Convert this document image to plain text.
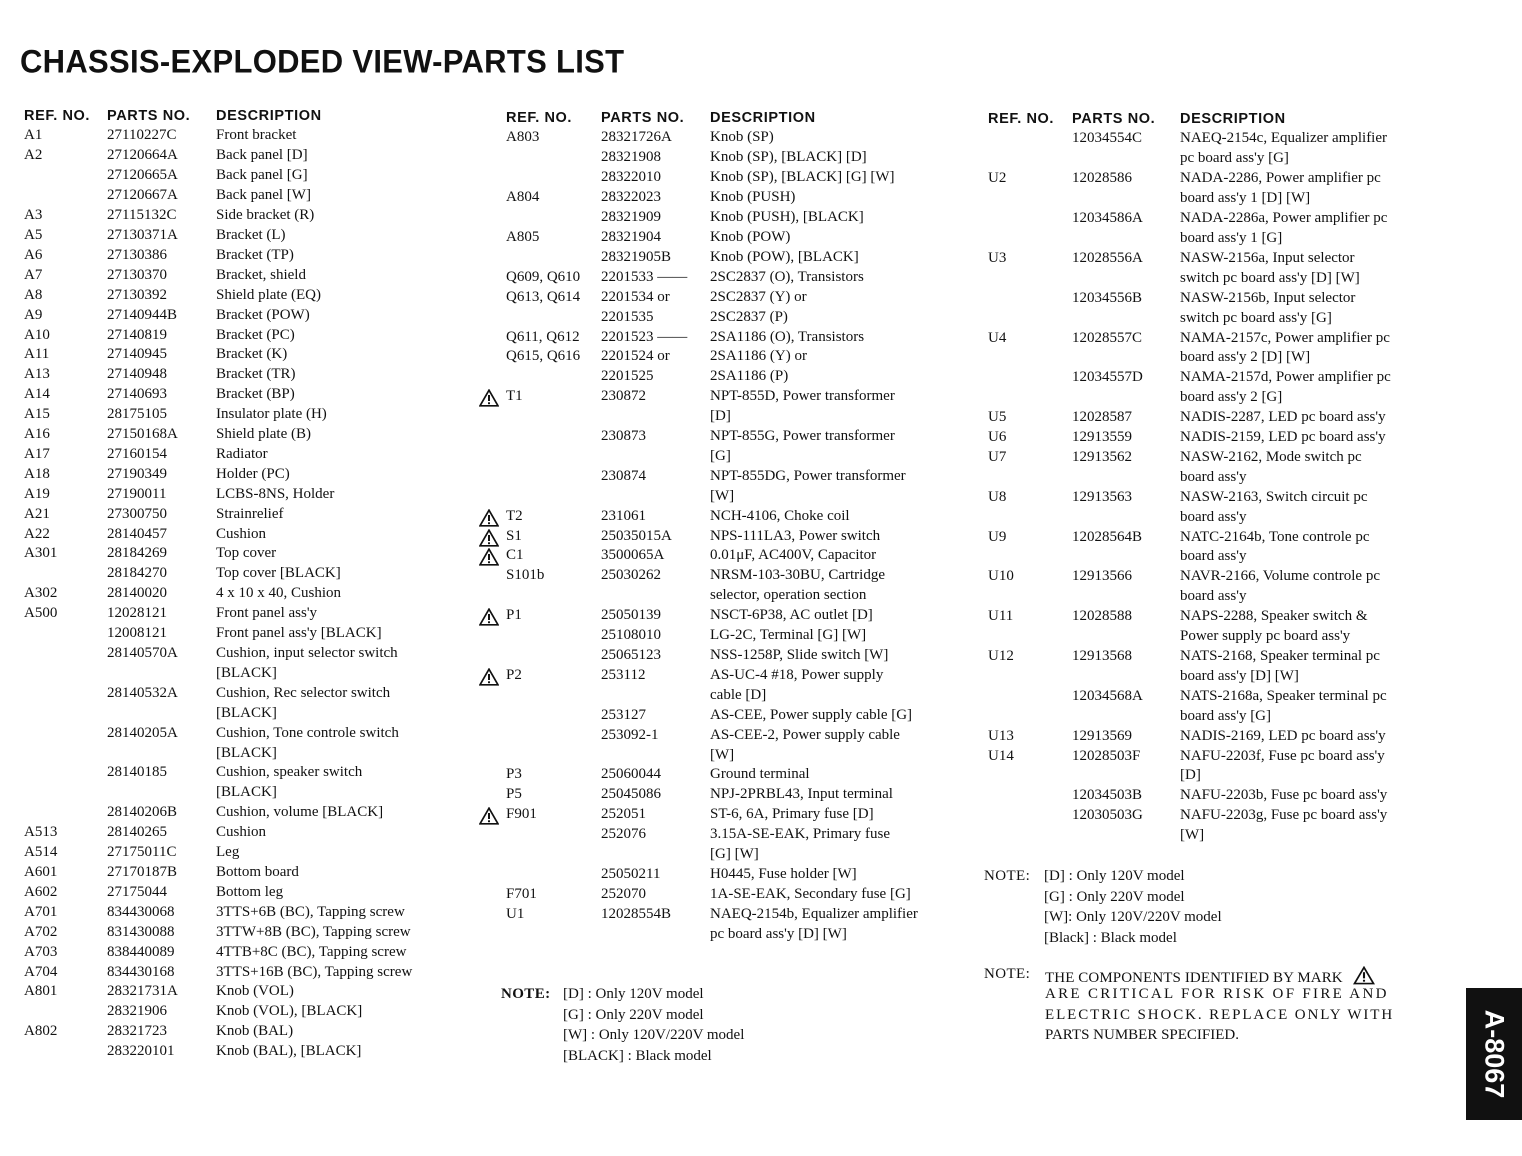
CHASSIS-EXPLODED VIEW-PARTS LIST
REF. NO.	PARTS NO.	DESCRIPTION
A1	27110227C	Front bracket
A2	27120664A	Back panel [D]
27120665A	Back panel [G]
27120667A	Back panel [W]
A3	27115132C	Side bracket (R)
A5	27130371A	Bracket (L)
A6	27130386	Bracket (TP)
A7	27130370	Bracket, shield
A8	27130392	Shield plate (EQ)
A9	27140944B	Bracket (POW)
A10	27140819	Bracket (PC)
A11	27140945	Bracket (K)
A13	27140948	Bracket (TR)
A14	27140693	Bracket (BP)
A15	28175105	Insulator plate (H)
A16	27150168A	Shield plate (B)
A17	27160154	Radiator
A18	27190349	Holder (PC)
A19	27190011	LCBS-8NS, Holder
A21	27300750	Strainrelief
A22	28140457	Cushion
A301	28184269	Top cover
28184270	Top cover [BLACK]
A302	28140020	4 x 10 x 40, Cushion
A500	12028121	Front panel ass'y
12008121	Front panel ass'y [BLACK]
28140570A	Cushion, input selector switch
[BLACK]
28140532A	Cushion, Rec selector switch
[BLACK]
28140205A	Cushion, Tone controle switch
[BLACK]
28140185	Cushion, speaker switch
[BLACK]
28140206B	Cushion, volume [BLACK]
A513	28140265	Cushion
A514	27175011C	Leg
A601	27170187B	Bottom board
A602	27175044	Bottom leg
A701	834430068	3TTS+6B (BC), Tapping screw
A702	831430088	3TTW+8B (BC), Tapping screw
A703	838440089	4TTB+8C (BC), Tapping screw
A704	834430168	3TTS+16B (BC), Tapping screw
A801	28321731A	Knob (VOL)
28321906	Knob (VOL), [BLACK]
A802	28321723	Knob (BAL)
283220101	Knob (BAL), [BLACK]
REF. NO.	PARTS NO.	DESCRIPTION
A803	28321726A	Knob (SP)
28321908	Knob (SP), [BLACK] [D]
28322010	Knob (SP), [BLACK] [G] [W]
A804	28322023	Knob (PUSH)
28321909	Knob (PUSH), [BLACK]
A805	28321904	Knob (POW)
28321905B	Knob (POW), [BLACK]
Q609, Q610	2201533 ——	2SC2837 (O), Transistors
Q613, Q614	2201534 or	2SC2837 (Y) or
2201535	2SC2837 (P)
Q611, Q612	2201523 ——	2SA1186 (O), Transistors
Q615, Q616	2201524 or	2SA1186 (Y) or
2201525	2SA1186 (P)
T1	230872	NPT-855D, Power transformer
[D]
230873	NPT-855G, Power transformer
[G]
230874	NPT-855DG, Power transformer
[W]
T2	231061	NCH-4106, Choke coil
S1	25035015A	NPS-111LA3, Power switch
C1	3500065A	0.01μF, AC400V, Capacitor
S101b	25030262	NRSM-103-30BU, Cartridge
selector, operation section
P1	25050139	NSCT-6P38, AC outlet [D]
25108010	LG-2C, Terminal [G] [W]
25065123	NSS-1258P, Slide switch [W]
P2	253112	AS-UC-4 #18, Power supply
cable [D]
253127	AS-CEE, Power supply cable [G]
253092-1	AS-CEE-2, Power supply cable
[W]
P3	25060044	Ground terminal
P5	25045086	NPJ-2PRBL43, Input terminal
F901	252051	ST-6, 6A, Primary fuse [D]
252076	3.15A-SE-EAK, Primary fuse
[G] [W]
25050211	H0445, Fuse holder [W]
F701	252070	1A-SE-EAK, Secondary fuse [G]
U1	12028554B	NAEQ-2154b, Equalizer amplifier
pc board ass'y [D] [W]
REF. NO.	PARTS NO.	DESCRIPTION
12034554C	NAEQ-2154c, Equalizer amplifier
pc board ass'y [G]
U2	12028586	NADA-2286, Power amplifier pc
board ass'y 1 [D] [W]
12034586A	NADA-2286a, Power amplifier pc
board ass'y 1 [G]
U3	12028556A	NASW-2156a, Input selector
switch pc board ass'y [D] [W]
12034556B	NASW-2156b, Input selector
switch pc board ass'y [G]
U4	12028557C	NAMA-2157c, Power amplifier pc
board ass'y 2 [D] [W]
12034557D	NAMA-2157d, Power amplifier pc
board ass'y 2 [G]
U5	12028587	NADIS-2287, LED pc board ass'y
U6	12913559	NADIS-2159, LED pc board ass'y
U7	12913562	NASW-2162, Mode switch pc
board ass'y
U8	12913563	NASW-2163, Switch circuit pc
board ass'y
U9	12028564B	NATC-2164b, Tone controle pc
board ass'y
U10	12913566	NAVR-2166, Volume controle pc
board ass'y
U11	12028588	NAPS-2288, Speaker switch &
Power supply pc board ass'y
U12	12913568	NATS-2168, Speaker terminal pc
board ass'y [D] [W]
12034568A	NATS-2168a, Speaker terminal pc
board ass'y [G]
U13	12913569	NADIS-2169, LED pc board ass'y
U14	12028503F	NAFU-2203f, Fuse pc board ass'y
[D]
12034503B	NAFU-2203b, Fuse pc board ass'y
12030503G	NAFU-2203g, Fuse pc board ass'y
[W]
NOTE: [D] : Only 120V model
[G] : Only 220V model
[W] : Only 120V/220V model
[BLACK] : Black model
NOTE: [D] : Only 120V model
[G] : Only 220V model
[W]: Only 120V/220V model
[Black] : Black model
NOTE: THE COMPONENTS IDENTIFIED BY MARK
ARE CRITICAL FOR RISK OF FIRE AND
ELECTRIC SHOCK. REPLACE ONLY WITH
PARTS NUMBER SPECIFIED.	A-8067
